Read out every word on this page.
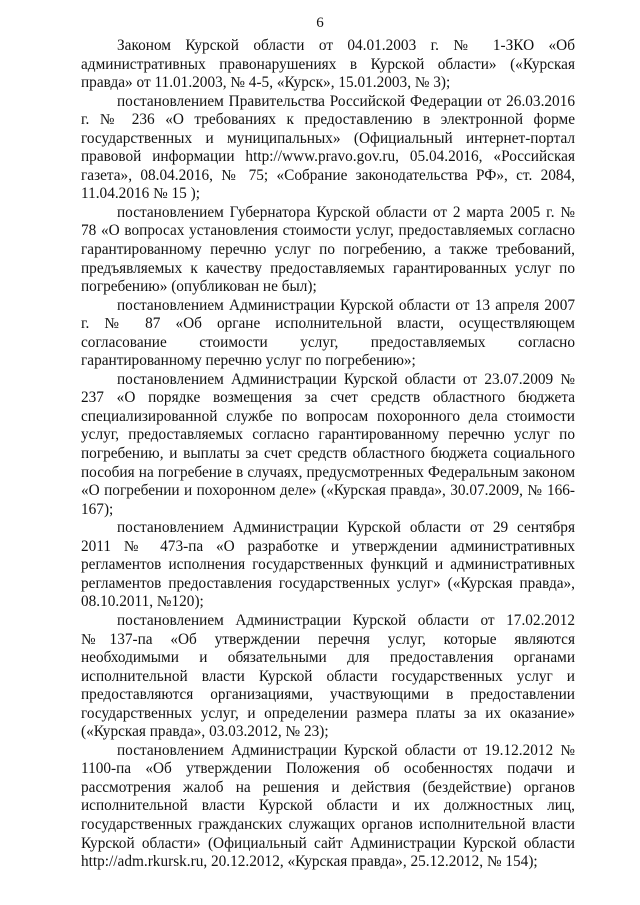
6

Законом Курской области от 04.01.2003 г. № 1-ЗКО «Об административных правонарушениях в Курской области» («Курская правда» от 11.01.2003, № 4-5, «Курск», 15.01.2003, № 3);

постановлением Правительства Российской Федерации от 26.03.2016 г. № 236 «О требованиях к предоставлению в электронной форме государственных и муниципальных» (Официальный интернет-портал правовой информации http://www.pravo.gov.ru, 05.04.2016, «Российская газета», 08.04.2016, № 75; «Собрание законодательства РФ», ст. 2084, 11.04.2016 № 15 );

постановлением Губернатора Курской области от 2 марта 2005 г. № 78 «О вопросах установления стоимости услуг, предоставляемых согласно гарантированному перечню услуг по погребению, а также требований, предъявляемых к качеству предоставляемых гарантированных услуг по погребению» (опубликован не был);

постановлением Администрации Курской области от 13 апреля 2007 г. № 87 «Об органе исполнительной власти, осуществляющем согласование стоимости услуг, предоставляемых согласно гарантированному перечню услуг по погребению»;

постановлением Администрации Курской области от 23.07.2009 № 237 «О порядке возмещения за счет средств областного бюджета специализированной службе по вопросам похоронного дела стоимости услуг, предоставляемых согласно гарантированному перечню услуг по погребению, и выплаты за счет средств областного бюджета социального пособия на погребение в случаях, предусмотренных Федеральным законом «О погребении и похоронном деле» («Курская правда», 30.07.2009, № 166-167);

постановлением Администрации Курской области от 29 сентября 2011 № 473-па «О разработке и утверждении административных регламентов исполнения государственных функций и административных регламентов предоставления государственных услуг» («Курская правда», 08.10.2011, №120);

постановлением Администрации Курской области от 17.02.2012 №137-па «Об утверждении перечня услуг, которые являются необходимыми и обязательными для предоставления органами исполнительной власти Курской области государственных услуг и предоставляются организациями, участвующими в предоставлении государственных услуг, и определении размера платы за их оказание» («Курская правда», 03.03.2012, № 23);

постановлением Администрации Курской области от 19.12.2012 № 1100-па «Об утверждении Положения об особенностях подачи и рассмотрения жалоб на решения и действия (бездействие) органов исполнительной власти Курской области и их должностных лиц, государственных гражданских служащих органов исполнительной власти Курской области» (Официальный сайт Администрации Курской области http://adm.rkursk.ru, 20.12.2012, «Курская правда», 25.12.2012, № 154);
